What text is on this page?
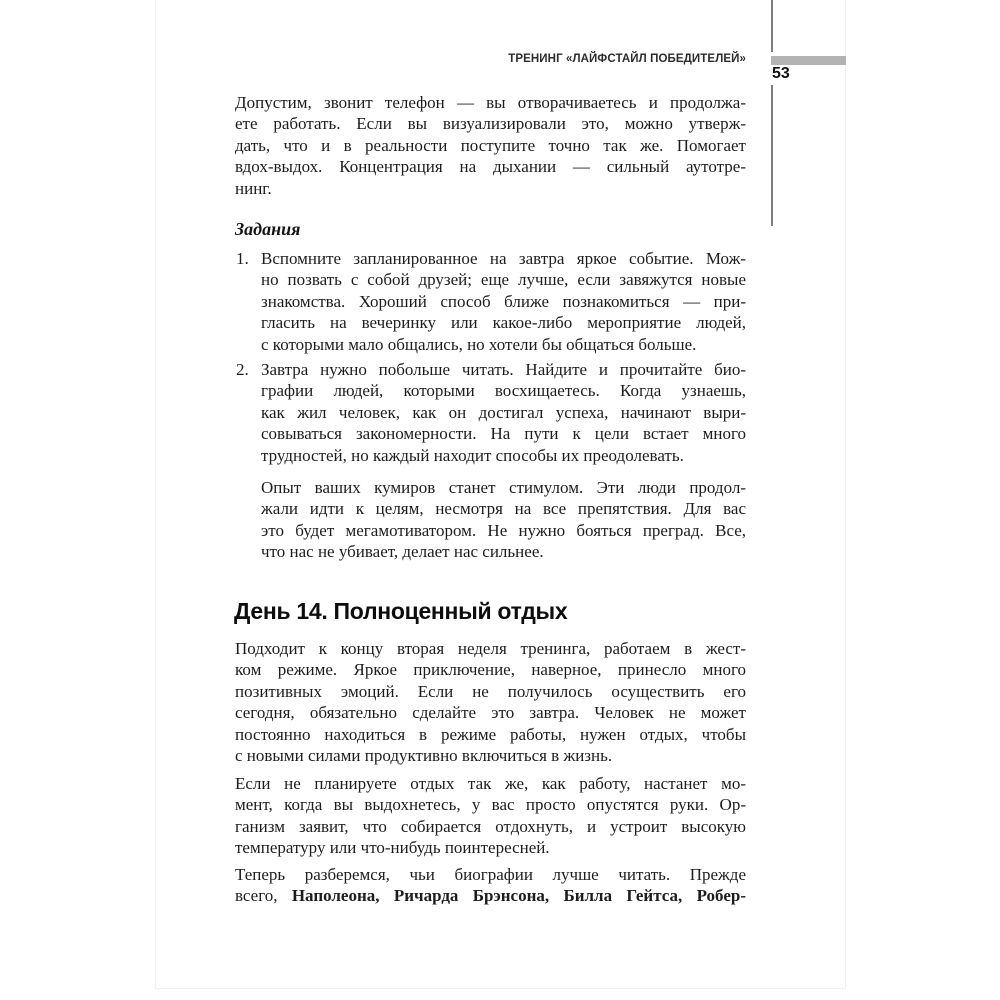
ТРЕНИНГ «ЛАЙФСТАЙЛ ПОБЕДИТЕЛЕЙ»
53
Допустим, звонит телефон — вы отворачиваетесь и продолжа-
ете работать. Если вы визуализировали это, можно утверж-
дать, что и в реальности поступите точно так же. Помогает
вдох-выдох. Концентрация на дыхании — сильный аутотре-
нинг.
Задания
1. Вспомните запланированное на завтра яркое событие. Мож-
но позвать с собой друзей; еще лучше, если завяжутся новые
знакомства. Хороший способ ближе познакомиться — при-
гласить на вечеринку или какое-либо мероприятие людей,
с которыми мало общались, но хотели бы общаться больше.
2. Завтра нужно побольше читать. Найдите и прочитайте био-
графии людей, которыми восхищаетесь. Когда узнаешь,
как жил человек, как он достигал успеха, начинают выри-
совываться закономерности. На пути к цели встает много
трудностей, но каждый находит способы их преодолевать.
Опыт ваших кумиров станет стимулом. Эти люди продол-
жали идти к целям, несмотря на все препятствия. Для вас
это будет мегамотиватором. Не нужно бояться преград. Все,
что нас не убивает, делает нас сильнее.
День 14. Полноценный отдых
Подходит к концу вторая неделя тренинга, работаем в жест-
ком режиме. Яркое приключение, наверное, принесло много
позитивных эмоций. Если не получилось осуществить его
сегодня, обязательно сделайте это завтра. Человек не может
постоянно находиться в режиме работы, нужен отдых, чтобы
с новыми силами продуктивно включиться в жизнь.
Если не планируете отдых так же, как работу, настанет мо-
мент, когда вы выдохнетесь, у вас просто опустятся руки. Ор-
ганизм заявит, что собирается отдохнуть, и устроит высокую
температуру или что-нибудь поинтересней.
Теперь разберемся, чьи биографии лучше читать. Прежде
всего, Наполеона, Ричарда Брэнсона, Билла Гейтса, Робер-
